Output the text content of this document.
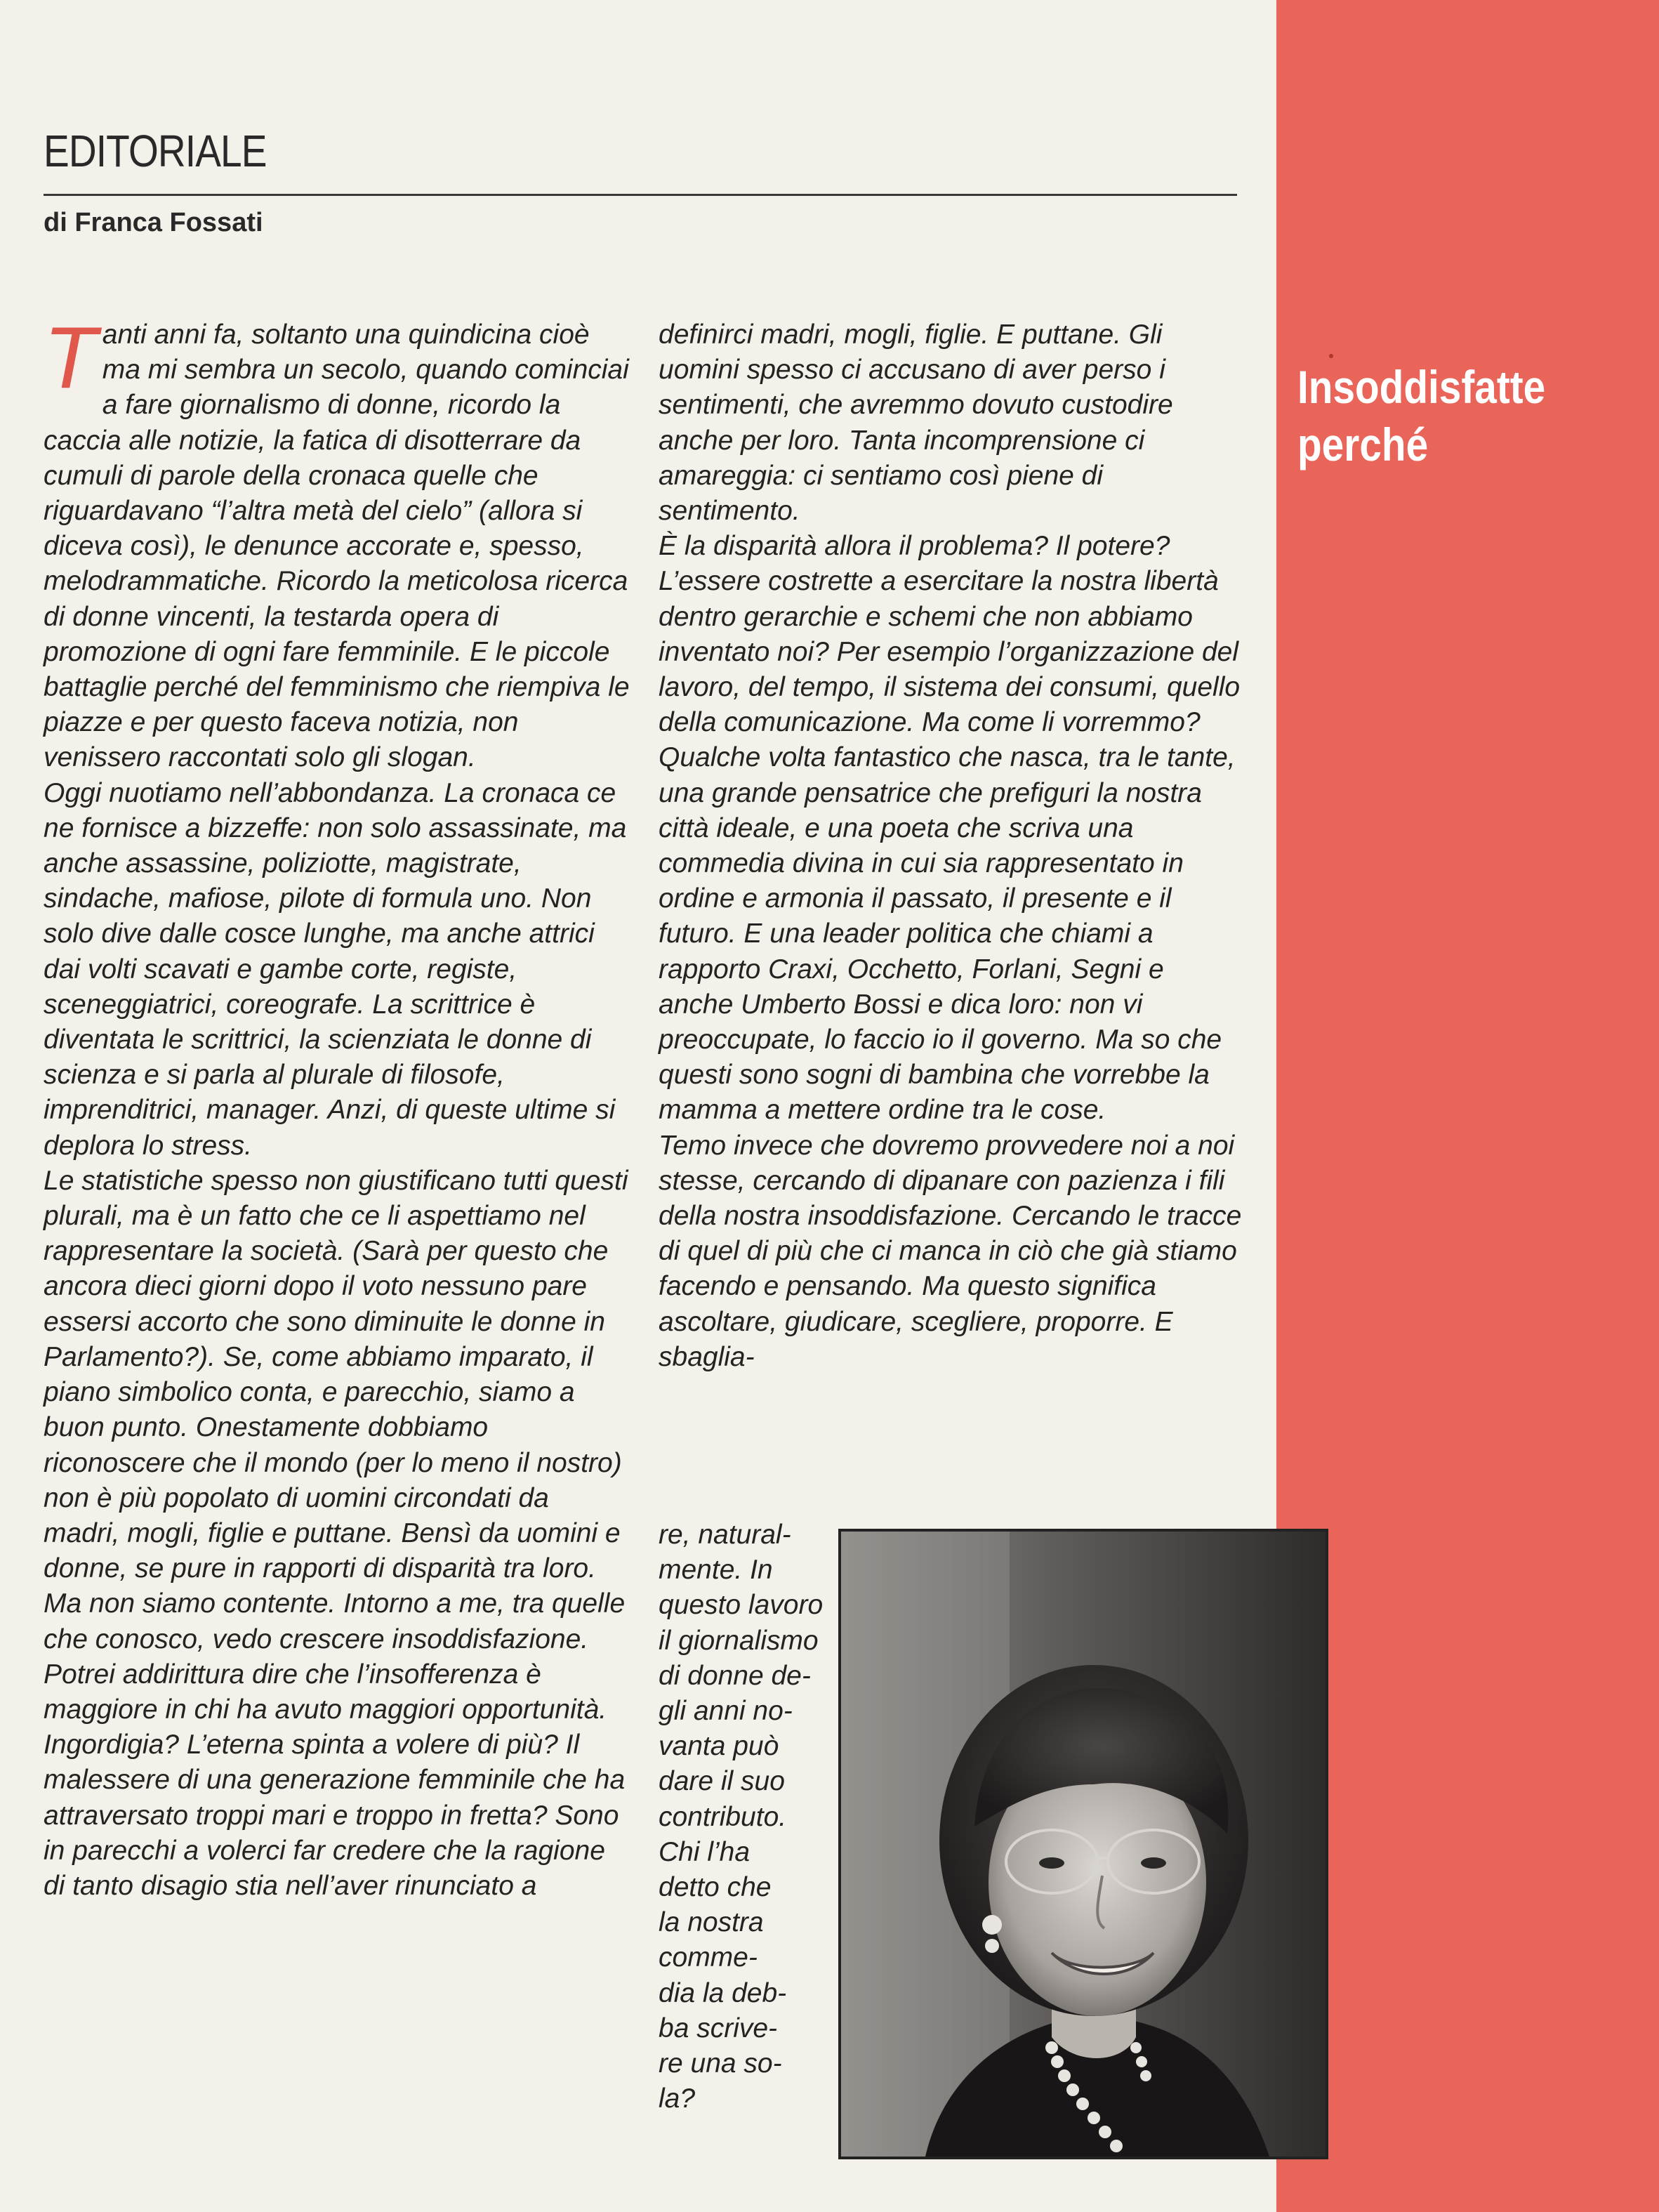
EDITORIALE
di Franca Fossati
Insoddisfatte perché
T anti anni fa, soltanto una quindicina cioè ma mi sembra un secolo, quando cominciai a fare giornalismo di donne, ricordo la caccia alle notizie, la fatica di disotterrare da cumuli di parole della cronaca quelle che riguardavano “l’altra metà del cielo” (allora si diceva così), le denunce accorate e, spesso, melodrammatiche. Ricordo la meticolosa ricerca di donne vincenti, la testarda opera di promozione di ogni fare femminile. E le piccole battaglie perché del femminismo che riempiva le piazze e per questo faceva notizia, non venissero raccontati solo gli slogan.

Oggi nuotiamo nell’abbondanza. La cronaca ce ne fornisce a bizzeffe: non solo assassinate, ma anche assassine, poliziotte, magistrate, sindache, mafiose, pilote di formula uno. Non solo dive dalle cosce lunghe, ma anche attrici dai volti scavati e gambe corte, registe, sceneggiatrici, coreografe. La scrittrice è diventata le scrittrici, la scienziata le donne di scienza e si parla al plurale di filosofe, imprenditrici, manager. Anzi, di queste ultime si deplora lo stress.

Le statistiche spesso non giustificano tutti questi plurali, ma è un fatto che ce li aspettiamo nel rappresentare la società. (Sarà per questo che ancora dieci giorni dopo il voto nessuno pare essersi accorto che sono diminuite le donne in Parlamento?). Se, come abbiamo imparato, il piano simbolico conta, e parecchio, siamo a buon punto. Onestamente dobbiamo riconoscere che il mondo (per lo meno il nostro) non è più popolato di uomini circondati da madri, mogli, figlie e puttane. Bensì da uomini e donne, se pure in rapporti di disparità tra loro.

Ma non siamo contente. Intorno a me, tra quelle che conosco, vedo crescere insoddisfazione. Potrei addirittura dire che l’insofferenza è maggiore in chi ha avuto maggiori opportunità. Ingordigia? L’eterna spinta a volere di più? Il malessere di una generazione femminile che ha attraversato troppi mari e troppo in fretta? Sono in parecchi a volerci far credere che la ragione di tanto disagio stia nell’aver rinunciato a

definirci madri, mogli, figlie. E puttane. Gli uomini spesso ci accusano di aver perso i sentimenti, che avremmo dovuto custodire anche per loro. Tanta incomprensione ci amareggia: ci sentiamo così piene di sentimento.

È la disparità allora il problema? Il potere? L’essere costrette a esercitare la nostra libertà dentro gerarchie e schemi che non abbiamo inventato noi? Per esempio l’organizzazione del lavoro, del tempo, il sistema dei consumi, quello della comunicazione. Ma come li vorremmo? Qualche volta fantastico che nasca, tra le tante, una grande pensatrice che prefiguri la nostra città ideale, e una poeta che scriva una commedia divina in cui sia rappresentato in ordine e armonia il passato, il presente e il futuro. E una leader politica che chiami a rapporto Craxi, Occhetto, Forlani, Segni e anche Umberto Bossi e dica loro: non vi preoccupate, lo faccio io il governo. Ma so che questi sono sogni di bambina che vorrebbe la mamma a mettere ordine tra le cose.

Temo invece che dovremo provvedere noi a noi stesse, cercando di dipanare con pazienza i fili della nostra insoddisfazione. Cercando le tracce di quel di più che ci manca in ciò che già stiamo facendo e pensando. Ma questo significa ascoltare, giudicare, scegliere, proporre. E sbaglia-

re, natural-
mente. In
questo lavoro
il giornalismo
di donne de-
gli anni no-
vanta può
dare il suo
contributo.
Chi l’ha
detto che
la nostra
comme-
dia la deb-
ba scrive-
re una so-
la?
